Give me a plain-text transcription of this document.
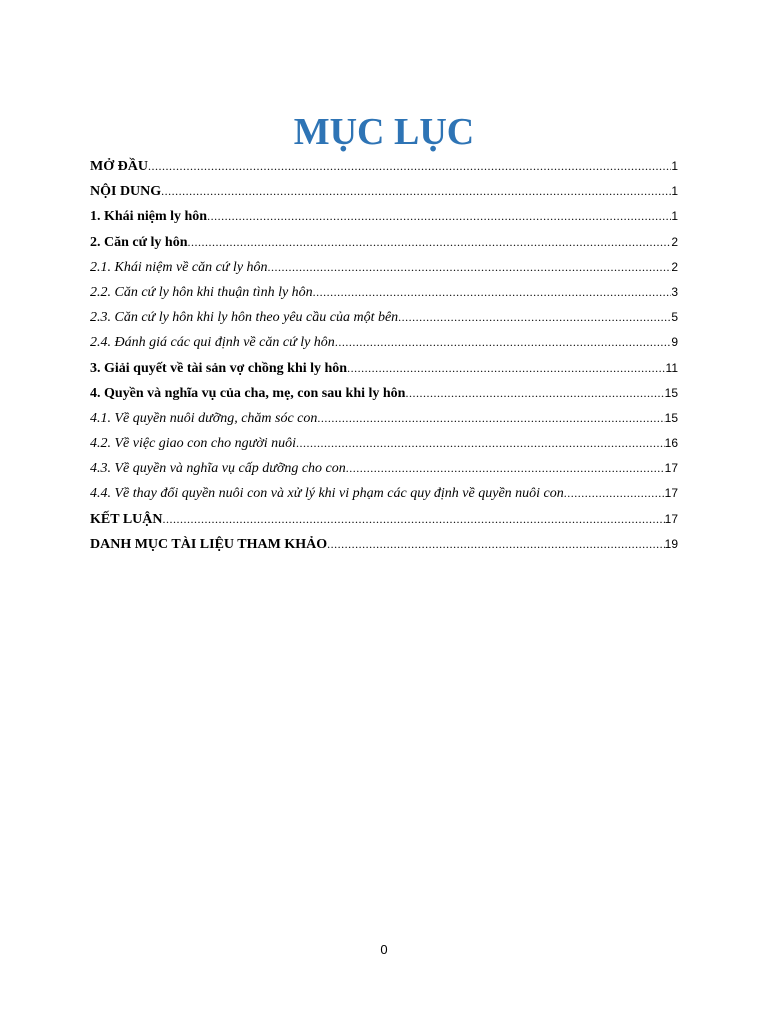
MỤC LỤC
MỞ ĐẦU .....	1
NỘI DUNG .....	1
1. Khái niệm ly hôn .....	1
2. Căn cứ ly hôn .....	2
2.1. Khái niệm về căn cứ ly hôn .....	2
2.2. Căn cứ ly hôn khi thuận tình ly hôn .....	3
2.3. Căn cứ ly hôn khi ly hôn theo yêu cầu của một bên .....	5
2.4. Đánh giá các qui định về căn cứ ly hôn .....	9
3. Giải quyết về tài sản vợ chồng khi ly hôn .....	11
4. Quyền và nghĩa vụ của cha, mẹ, con sau khi ly hôn .....	15
4.1. Về quyền nuôi dưỡng, chăm sóc con .....	15
4.2. Về việc giao con cho người nuôi .....	16
4.3. Về quyền và nghĩa vụ cấp dưỡng cho con .....	17
4.4. Về thay đổi quyền nuôi con và xử lý khi vi phạm các quy định về quyền nuôi con .....	17
KẾT LUẬN .....	17
DANH MỤC TÀI LIỆU THAM KHẢO .....	19
0
